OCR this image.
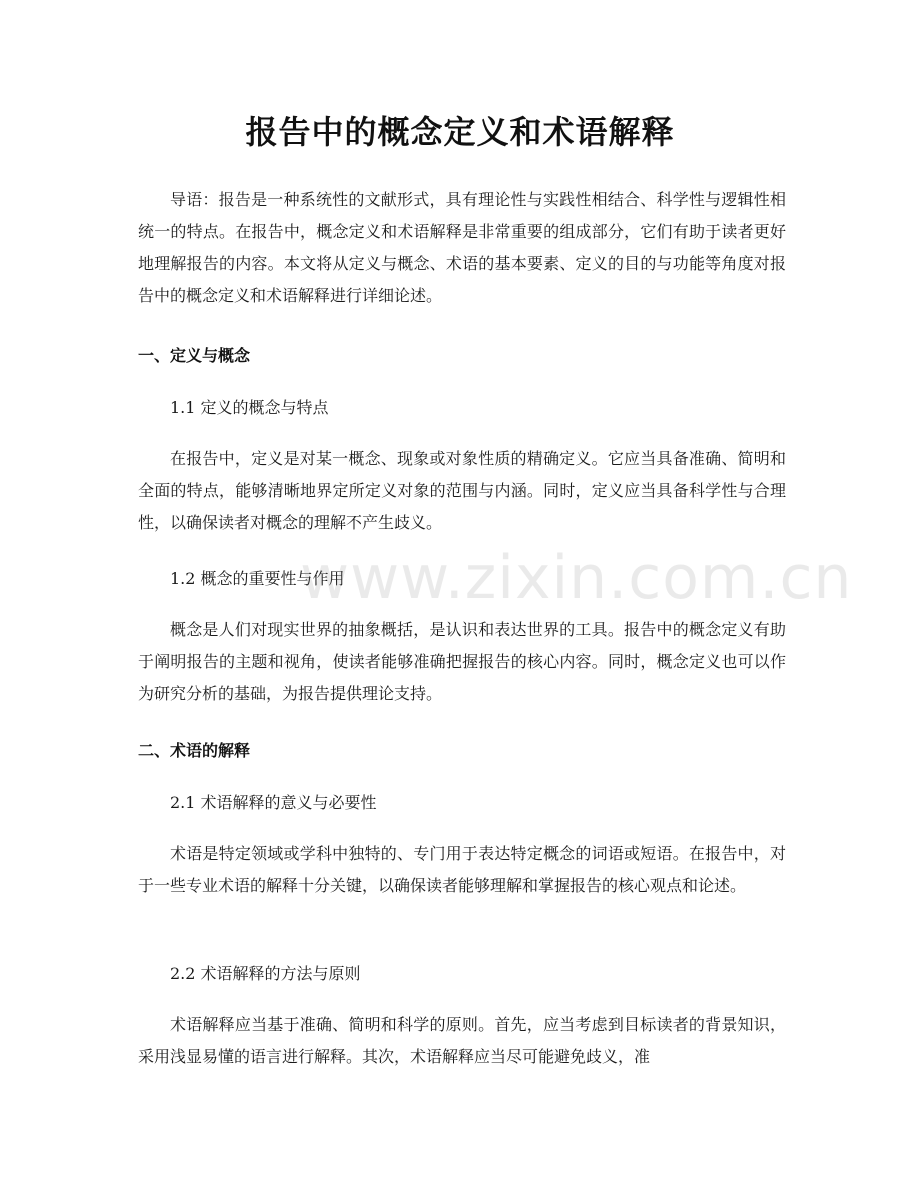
报告中的概念定义和术语解释
导语：报告是一种系统性的文献形式，具有理论性与实践性相结合、科学性与逻辑性相统一的特点。在报告中，概念定义和术语解释是非常重要的组成部分，它们有助于读者更好地理解报告的内容。本文将从定义与概念、术语的基本要素、定义的目的与功能等角度对报告中的概念定义和术语解释进行详细论述。
一、定义与概念
1.1 定义的概念与特点
在报告中，定义是对某一概念、现象或对象性质的精确定义。它应当具备准确、简明和全面的特点，能够清晰地界定所定义对象的范围与内涵。同时，定义应当具备科学性与合理性，以确保读者对概念的理解不产生歧义。
1.2 概念的重要性与作用
概念是人们对现实世界的抽象概括，是认识和表达世界的工具。报告中的概念定义有助于阐明报告的主题和视角，使读者能够准确把握报告的核心内容。同时，概念定义也可以作为研究分析的基础，为报告提供理论支持。
二、术语的解释
2.1 术语解释的意义与必要性
术语是特定领域或学科中独特的、专门用于表达特定概念的词语或短语。在报告中，对于一些专业术语的解释十分关键，以确保读者能够理解和掌握报告的核心观点和论述。
2.2 术语解释的方法与原则
术语解释应当基于准确、简明和科学的原则。首先，应当考虑到目标读者的背景知识，采用浅显易懂的语言进行解释。其次，术语解释应当尽可能避免歧义，准
www.zixin.com.cn
